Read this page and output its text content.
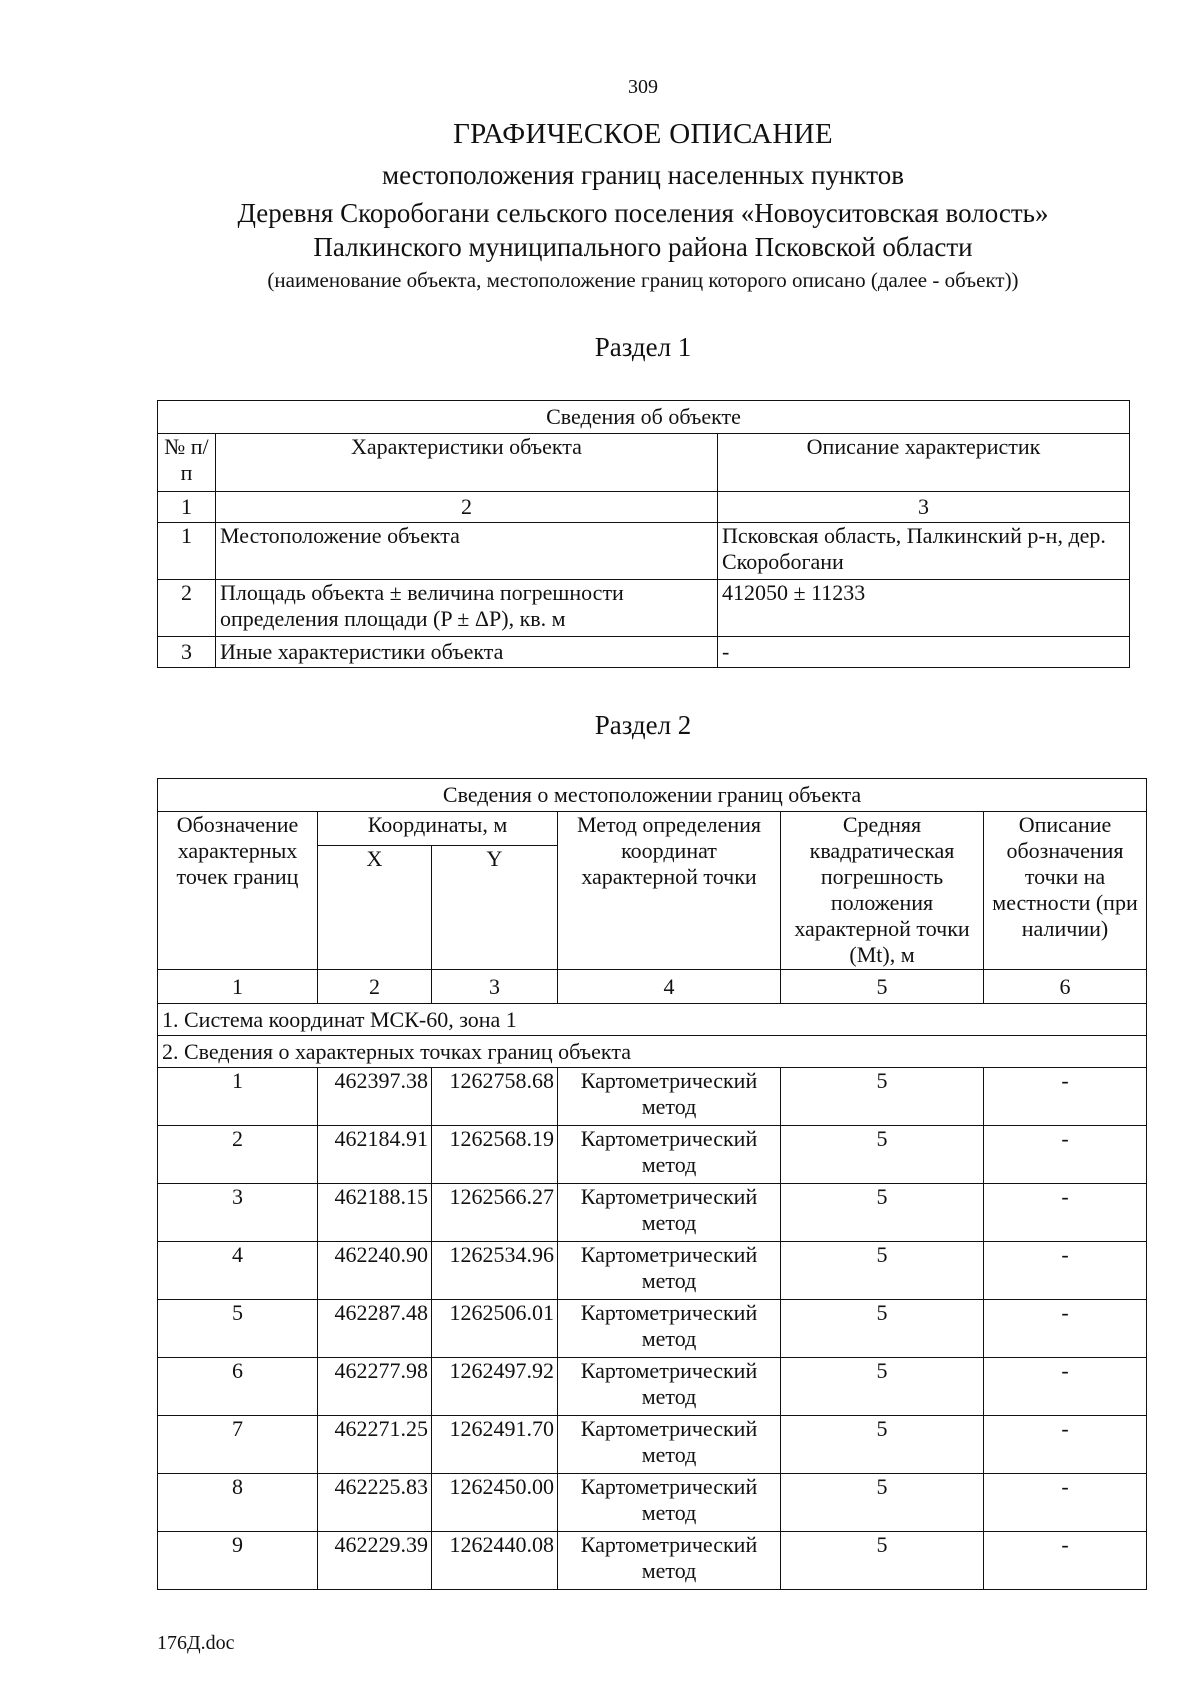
309
ГРАФИЧЕСКОЕ ОПИСАНИЕ
местоположения границ населенных пунктов
Деревня Скоробогани сельского поселения «Новоуситовская волость»
Палкинского муниципального района Псковской области
(наименование объекта, местоположение границ которого описано (далее - объект))
Раздел 1
Сведения об объекте		
№ п/п	Характеристики объекта	Описание характеристик
1	2	3
1	Местоположение объекта	Псковская область, Палкинский р-н, дер. Скоробогани
2	Площадь объекта ± величина погрешности определения площади (P ± ΔP), кв. м	412050 ± 11233
3	Иные характеристики объекта	-
Раздел 2
Сведения о местоположении границ объекта					
Обозначение характерных точек границ	Координаты, м		Метод определения координат характерной точки	Средняя квадратическая погрешность положения характерной точки (Mt), м	Описание обозначения точки на местности (при наличии)
	X	Y			
1	2	3	4	5	6
1. Система координат МСК-60, зона 1					
2. Сведения о характерных точках границ объекта					
1	462397.38	1262758.68	Картометрический метод	5	-
2	462184.91	1262568.19	Картометрический метод	5	-
3	462188.15	1262566.27	Картометрический метод	5	-
4	462240.90	1262534.96	Картометрический метод	5	-
5	462287.48	1262506.01	Картометрический метод	5	-
6	462277.98	1262497.92	Картометрический метод	5	-
7	462271.25	1262491.70	Картометрический метод	5	-
8	462225.83	1262450.00	Картометрический метод	5	-
9	462229.39	1262440.08	Картометрический метод	5	-
176Д.doc
